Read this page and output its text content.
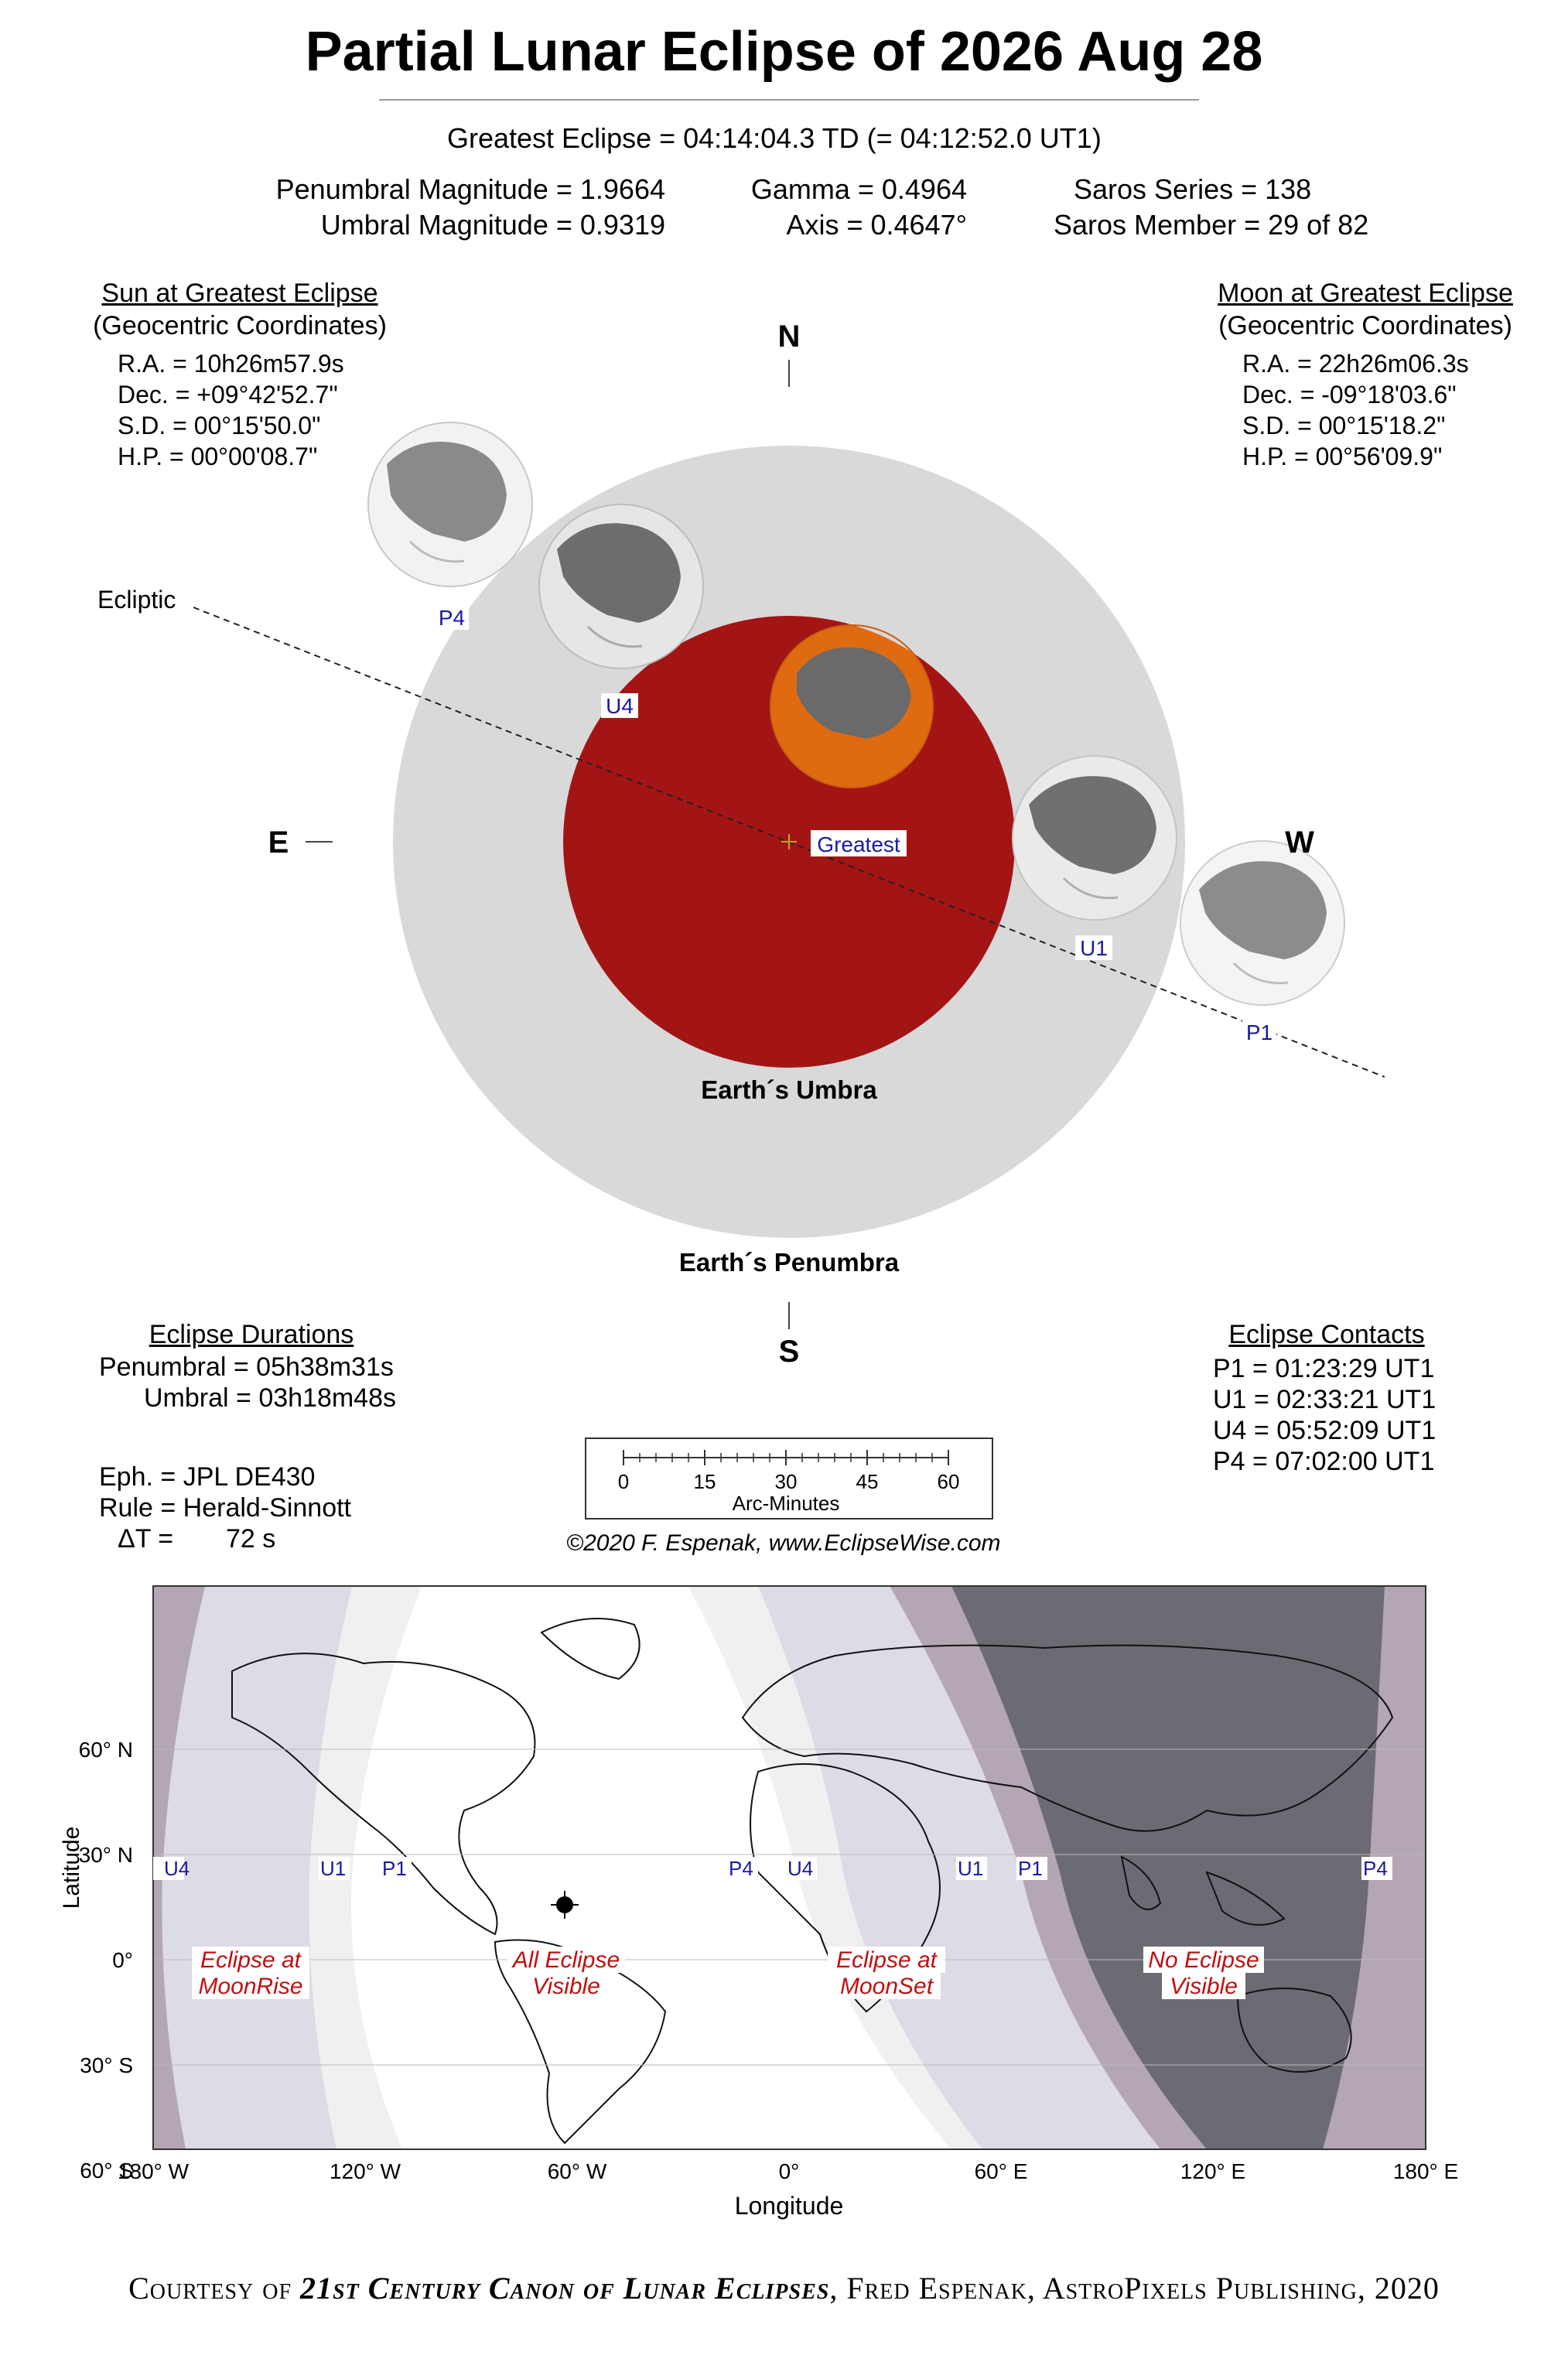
Partial Lunar Eclipse of 2026 Aug 28
Greatest Eclipse = 04:14:04.3 TD (= 04:12:52.0 UT1)
Penumbral Magnitude = 1.9664
Umbral Magnitude = 0.9319
Gamma = 0.4964
Axis = 0.4647°
Saros Series = 138
Saros Member = 29 of 82
Sun at Greatest Eclipse
(Geocentric Coordinates)
R.A. = 10h26m57.9s
Dec. = +09°42'52.7"
S.D. = 00°15'50.0"
H.P. = 00°00'08.7"
Moon at Greatest Eclipse
(Geocentric Coordinates)
R.A. = 22h26m06.3s
Dec. = -09°18'03.6"
S.D. = 00°15'18.2"
H.P. = 00°56'09.9"
P4
U4
Greatest
U1
P1
N
S
E	W
Ecliptic
Earth´s Umbra
Earth´s Penumbra
Eclipse Durations
Penumbral = 05h38m31s
Umbral = 03h18m48s
Eclipse Contacts
P1 = 01:23:29 UT1
U1 = 02:33:21 UT1
U4 = 05:52:09 UT1
P4 = 07:02:00 UT1
Eph. = JPL DE430
Rule = Herald-Sinnott
ΔT = 72 s
0	15	30	45	60
Arc-Minutes
©2020 F. Espenak, www.EclipseWise.com
U4	U1 P1	P4 U4	U1 P1	P4
Eclipse at
MoonRise
All Eclipse
Visible
Eclipse at
MoonSet
No Eclipse
Visible
60° N
30° N
0°
30° S
60° S
Latitude
180° W	120° W	60° W	0°	60° E	120° E	180° E
Longitude
Courtesy of 21st Century Canon of Lunar Eclipses, Fred Espenak, AstroPixels Publishing, 2020
